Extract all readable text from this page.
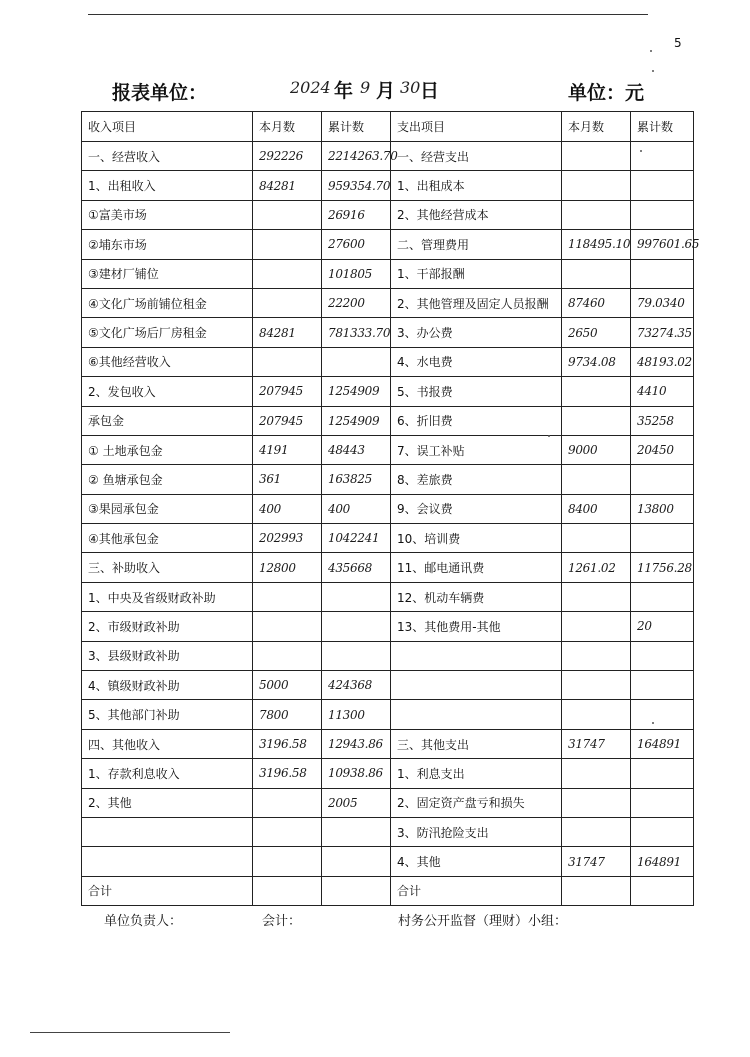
5
报表单位：	2024 年 9 月 30 日	单位：元
收入项目	本月数	累计数	支出项目	本月数	累计数
一、经营收入	292226	2214263.70	一、经营支出		
1、出租收入	84281	959354.70	1、出租成本		
①富美市场		26916	2、其他经营成本		
②埔东市场		27600	二、管理费用	118495.10	997601.65
③建材厂铺位		101805	1、干部报酬		
④文化广场前铺位租金		22200	2、其他管理及固定人员报酬	87460	79.0340
⑤文化广场后厂房租金	84281	781333.70	3、办公费	2650	73274.35
⑥其他经营收入			4、水电费	9734.08	48193.02
2、发包收入	207945	1254909	5、书报费		4410
承包金	207945	1254909	6、折旧费		35258
① 土地承包金	4191	48443	7、误工补贴	9000	20450
② 鱼塘承包金	361	163825	8、差旅费		
③果园承包金	400	400	9、会议费	8400	13800
④其他承包金	202993	1042241	10、培训费		
三、补助收入	12800	435668	11、邮电通讯费	1261.02	11756.28
1、中央及省级财政补助			12、机动车辆费		
2、市级财政补助			13、其他费用-其他		20
3、县级财政补助					
4、镇级财政补助	5000	424368			
5、其他部门补助	7800	11300			
四、其他收入	3196.58	12943.86	三、其他支出	31747	164891
1、存款利息收入	3196.58	10938.86	1、利息支出		
2、其他		2005	2、固定资产盘亏和损失		
			3、防汛抢险支出		
			4、其他	31747	164891
合计			合计		
单位负责人：	会计：	村务公开监督（理财）小组：
